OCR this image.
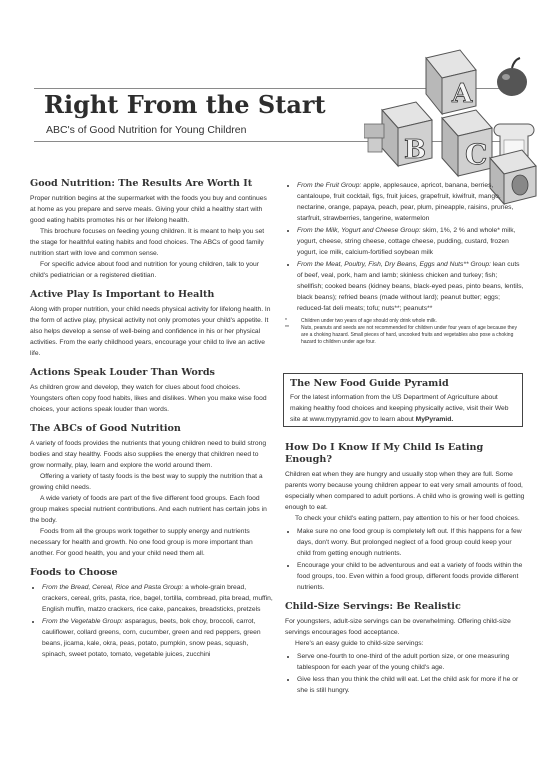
Right From the Start
ABC's of Good Nutrition for Young Children
A
C
B
Good Nutrition: The Results Are Worth It

Proper nutrition begins at the supermarket with the foods you buy and continues at home as you prepare and serve meals. Giving your child a healthy start with good eating habits promotes his or her lifelong health.

This brochure focuses on feeding young children. It is meant to help you set the stage for healthful eating habits and food choices. The ABCs of good family nutrition start with love and common sense.

For specific advice about food and nutrition for young children, talk to your child's pediatrician or a registered dietitian.

Active Play Is Important to Health

Along with proper nutrition, your child needs physical activity for lifelong health. In the form of active play, physical activity not only promotes your child's appetite. It also helps develop a sense of well-being and confidence in his or her physical activities. From the early childhood years, encourage your child to live an active life.

Actions Speak Louder Than Words

As children grow and develop, they watch for clues about food choices. Youngsters often copy food habits, likes and dislikes. When you make wise food choices, your actions speak louder than words.

The ABCs of Good Nutrition

A variety of foods provides the nutrients that young children need to build strong bodies and stay healthy. Foods also supplies the energy that children need to grow normally, play, learn and explore the world around them.

Offering a variety of tasty foods is the best way to supply the nutrition that a growing child needs.

A wide variety of foods are part of the five different food groups. Each food group makes special nutrient contributions. And each nutrient has certain jobs in the body.

Foods from all the groups work together to supply energy and nutrients necessary for health and growth. No one food group is more important than another. For good health, you and your child need them all.

Foods to Choose
• From the Bread, Cereal, Rice and Pasta Group: a whole-grain bread, crackers, cereal, grits, pasta, rice, bagel, tortilla, cornbread, pita bread, muffin, English muffin, matzo crackers, rice cake, pancakes, breadsticks, pretzels
• From the Vegetable Group: asparagus, beets, bok choy, broccoli, carrot, cauliflower, collard greens, corn, cucumber, green and red peppers, green beans, jicama, kale, okra, peas, potato, pumpkin, snow peas, squash, spinach, sweet potato, tomato, vegetable juices, zucchini
• From the Fruit Group: apple, applesauce, apricot, banana, berries, cantaloupe, fruit cocktail, figs, fruit juices, grapefruit, kiwifruit, mango, nectarine, orange, papaya, peach, pear, plum, pineapple, raisins, prunes, starfruit, strawberries, tangerine, watermelon
• From the Milk, Yogurt and Cheese Group: skim, 1%, 2 % and whole* milk, yogurt, cheese, string cheese, cottage cheese, pudding, custard, frozen yogurt, ice milk, calcium-fortified soybean milk
• From the Meat, Poultry, Fish, Dry Beans, Eggs and Nuts** Group: lean cuts of beef, veal, pork, ham and lamb; skinless chicken and turkey; fish; shellfish; cooked beans (kidney beans, black-eyed peas, pinto beans, lentils, black beans); refried beans (made without lard); peanut butter; eggs; reduced-fat deli meats; tofu; nuts**; peanuts**
*	Children under two years of age should only drink whole milk.
**	Nuts, peanuts and seeds are not recommended for children under four years of age because they are a choking hazard. Small pieces of hard, uncooked fruits and vegetables also pose a choking hazard to children under age four.
The New Food Guide Pyramid

For the latest information from the US Department of Agriculture about making healthy food choices and keeping physically active, visit their Web site at www.mypyramid.gov to learn about MyPyramid.

How Do I Know If My Child Is Eating Enough?

Children eat when they are hungry and usually stop when they are full. Some parents worry because young children appear to eat very small amounts of food, especially when compared to adult portions. A child who is growing well is getting enough to eat.

To check your child's eating pattern, pay attention to his or her food choices.

• Make sure no one food group is completely left out. If this happens for a few days, don't worry. But prolonged neglect of a food group could keep your child from getting enough nutrients.
• Encourage your child to be adventurous and eat a variety of foods within the food groups, too. Even within a food group, different foods provide different nutrients.
Child-Size Servings: Be Realistic

For youngsters, adult-size servings can be overwhelming. Offering child-size servings encourages food acceptance.

Here's an easy guide to child-size servings:

• Serve one-fourth to one-third of the adult portion size, or one measuring tablespoon for each year of the young child's age.
• Give less than you think the child will eat. Let the child ask for more if he or she is still hungry.
